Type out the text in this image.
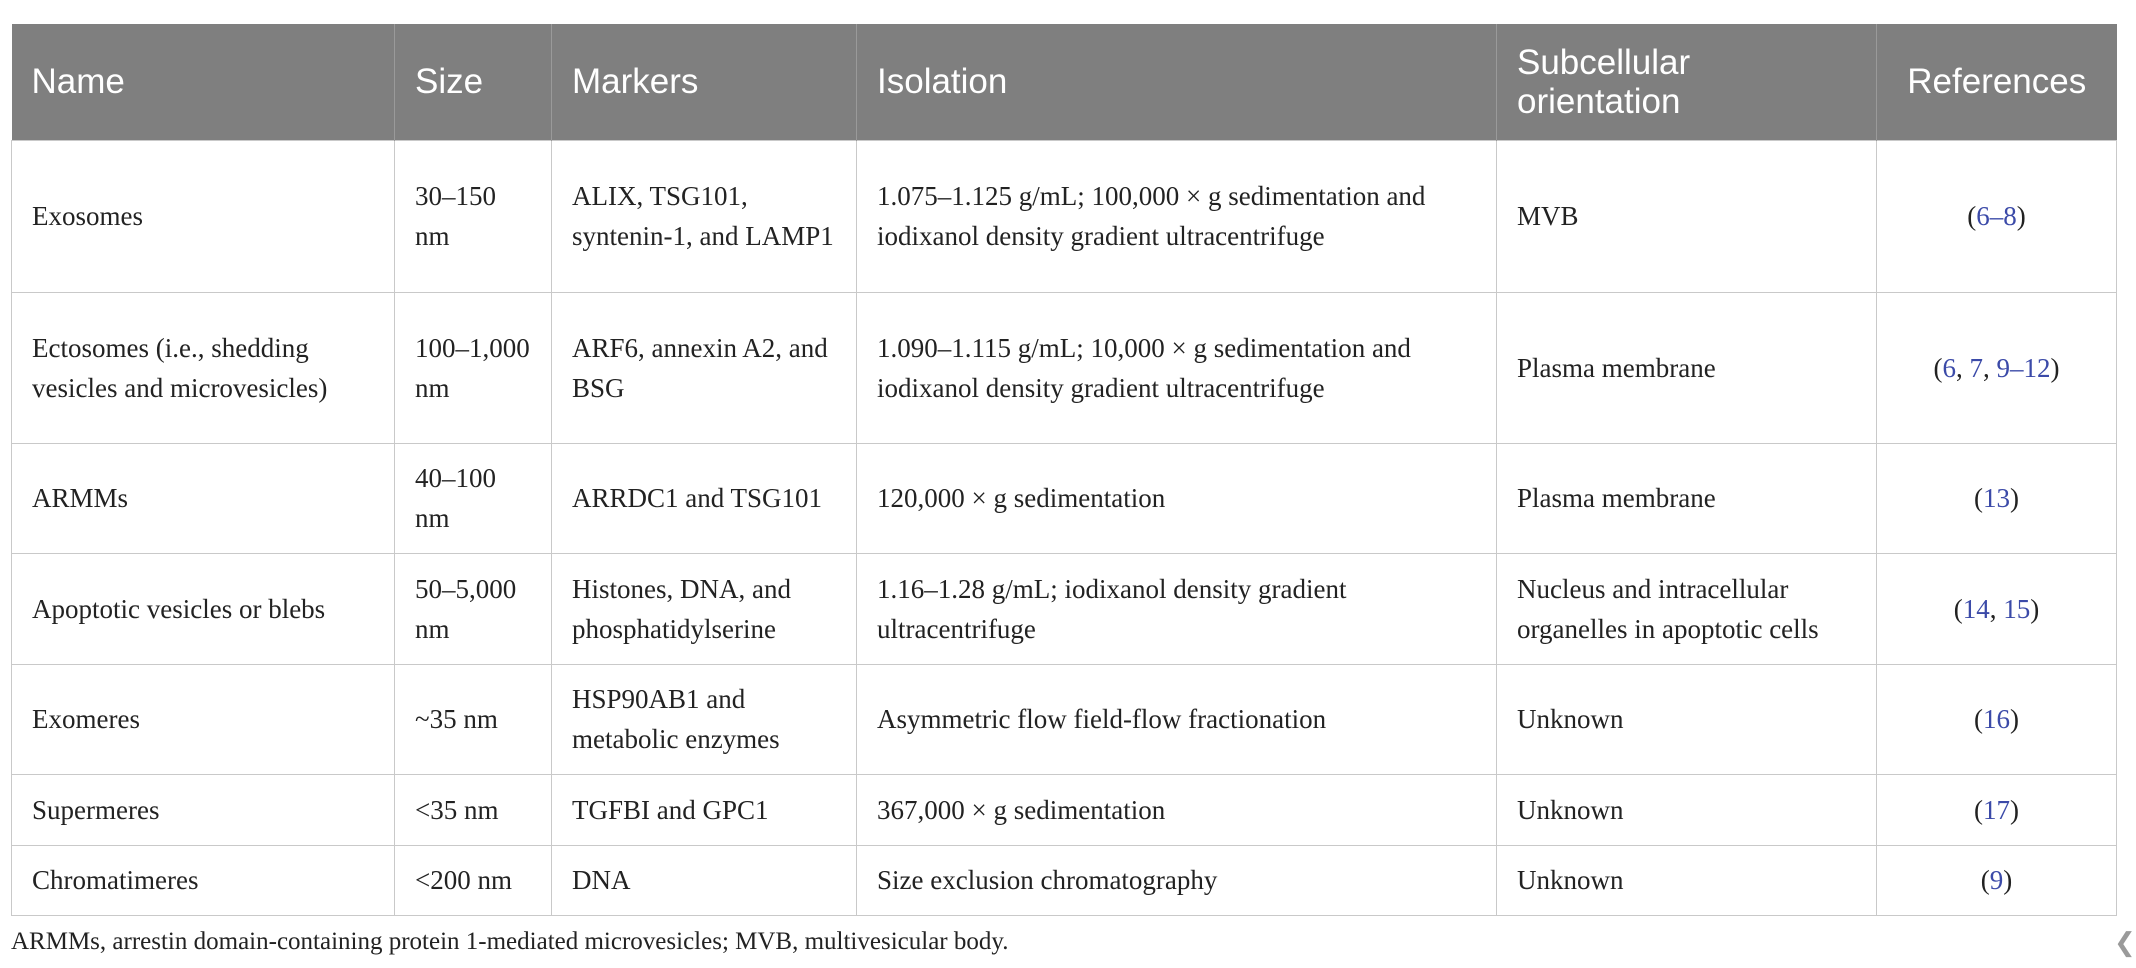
Name	Size	Markers	Isolation	Subcellular orientation	References
Exosomes	30–150 nm	ALIX, TSG101, syntenin-1, and LAMP1	1.075–1.125 g/mL; 100,000 × g sedimentation and iodixanol density gradient ultracentrifuge	MVB	(6–8)
Ectosomes (i.e., shedding vesicles and microvesicles)	100–1,000 nm	ARF6, annexin A2, and BSG	1.090–1.115 g/mL; 10,000 × g sedimentation and iodixanol density gradient ultracentrifuge	Plasma membrane	(6, 7, 9–12)
ARMMs	40–100 nm	ARRDC1 and TSG101	120,000 × g sedimentation	Plasma membrane	(13)
Apoptotic vesicles or blebs	50–5,000 nm	Histones, DNA, and phosphatidylserine	1.16–1.28 g/mL; iodixanol density gradient ultracentrifuge	Nucleus and intracellular organelles in apoptotic cells	(14, 15)
Exomeres	~35 nm	HSP90AB1 and metabolic enzymes	Asymmetric flow field-flow fractionation	Unknown	(16)
Supermeres	<35 nm	TGFBI and GPC1	367,000 × g sedimentation	Unknown	(17)
Chromatimeres	<200 nm	DNA	Size exclusion chromatography	Unknown	(9)
ARMMs, arrestin domain-containing protein 1-mediated microvesicles; MVB, multivesicular body.	❮
